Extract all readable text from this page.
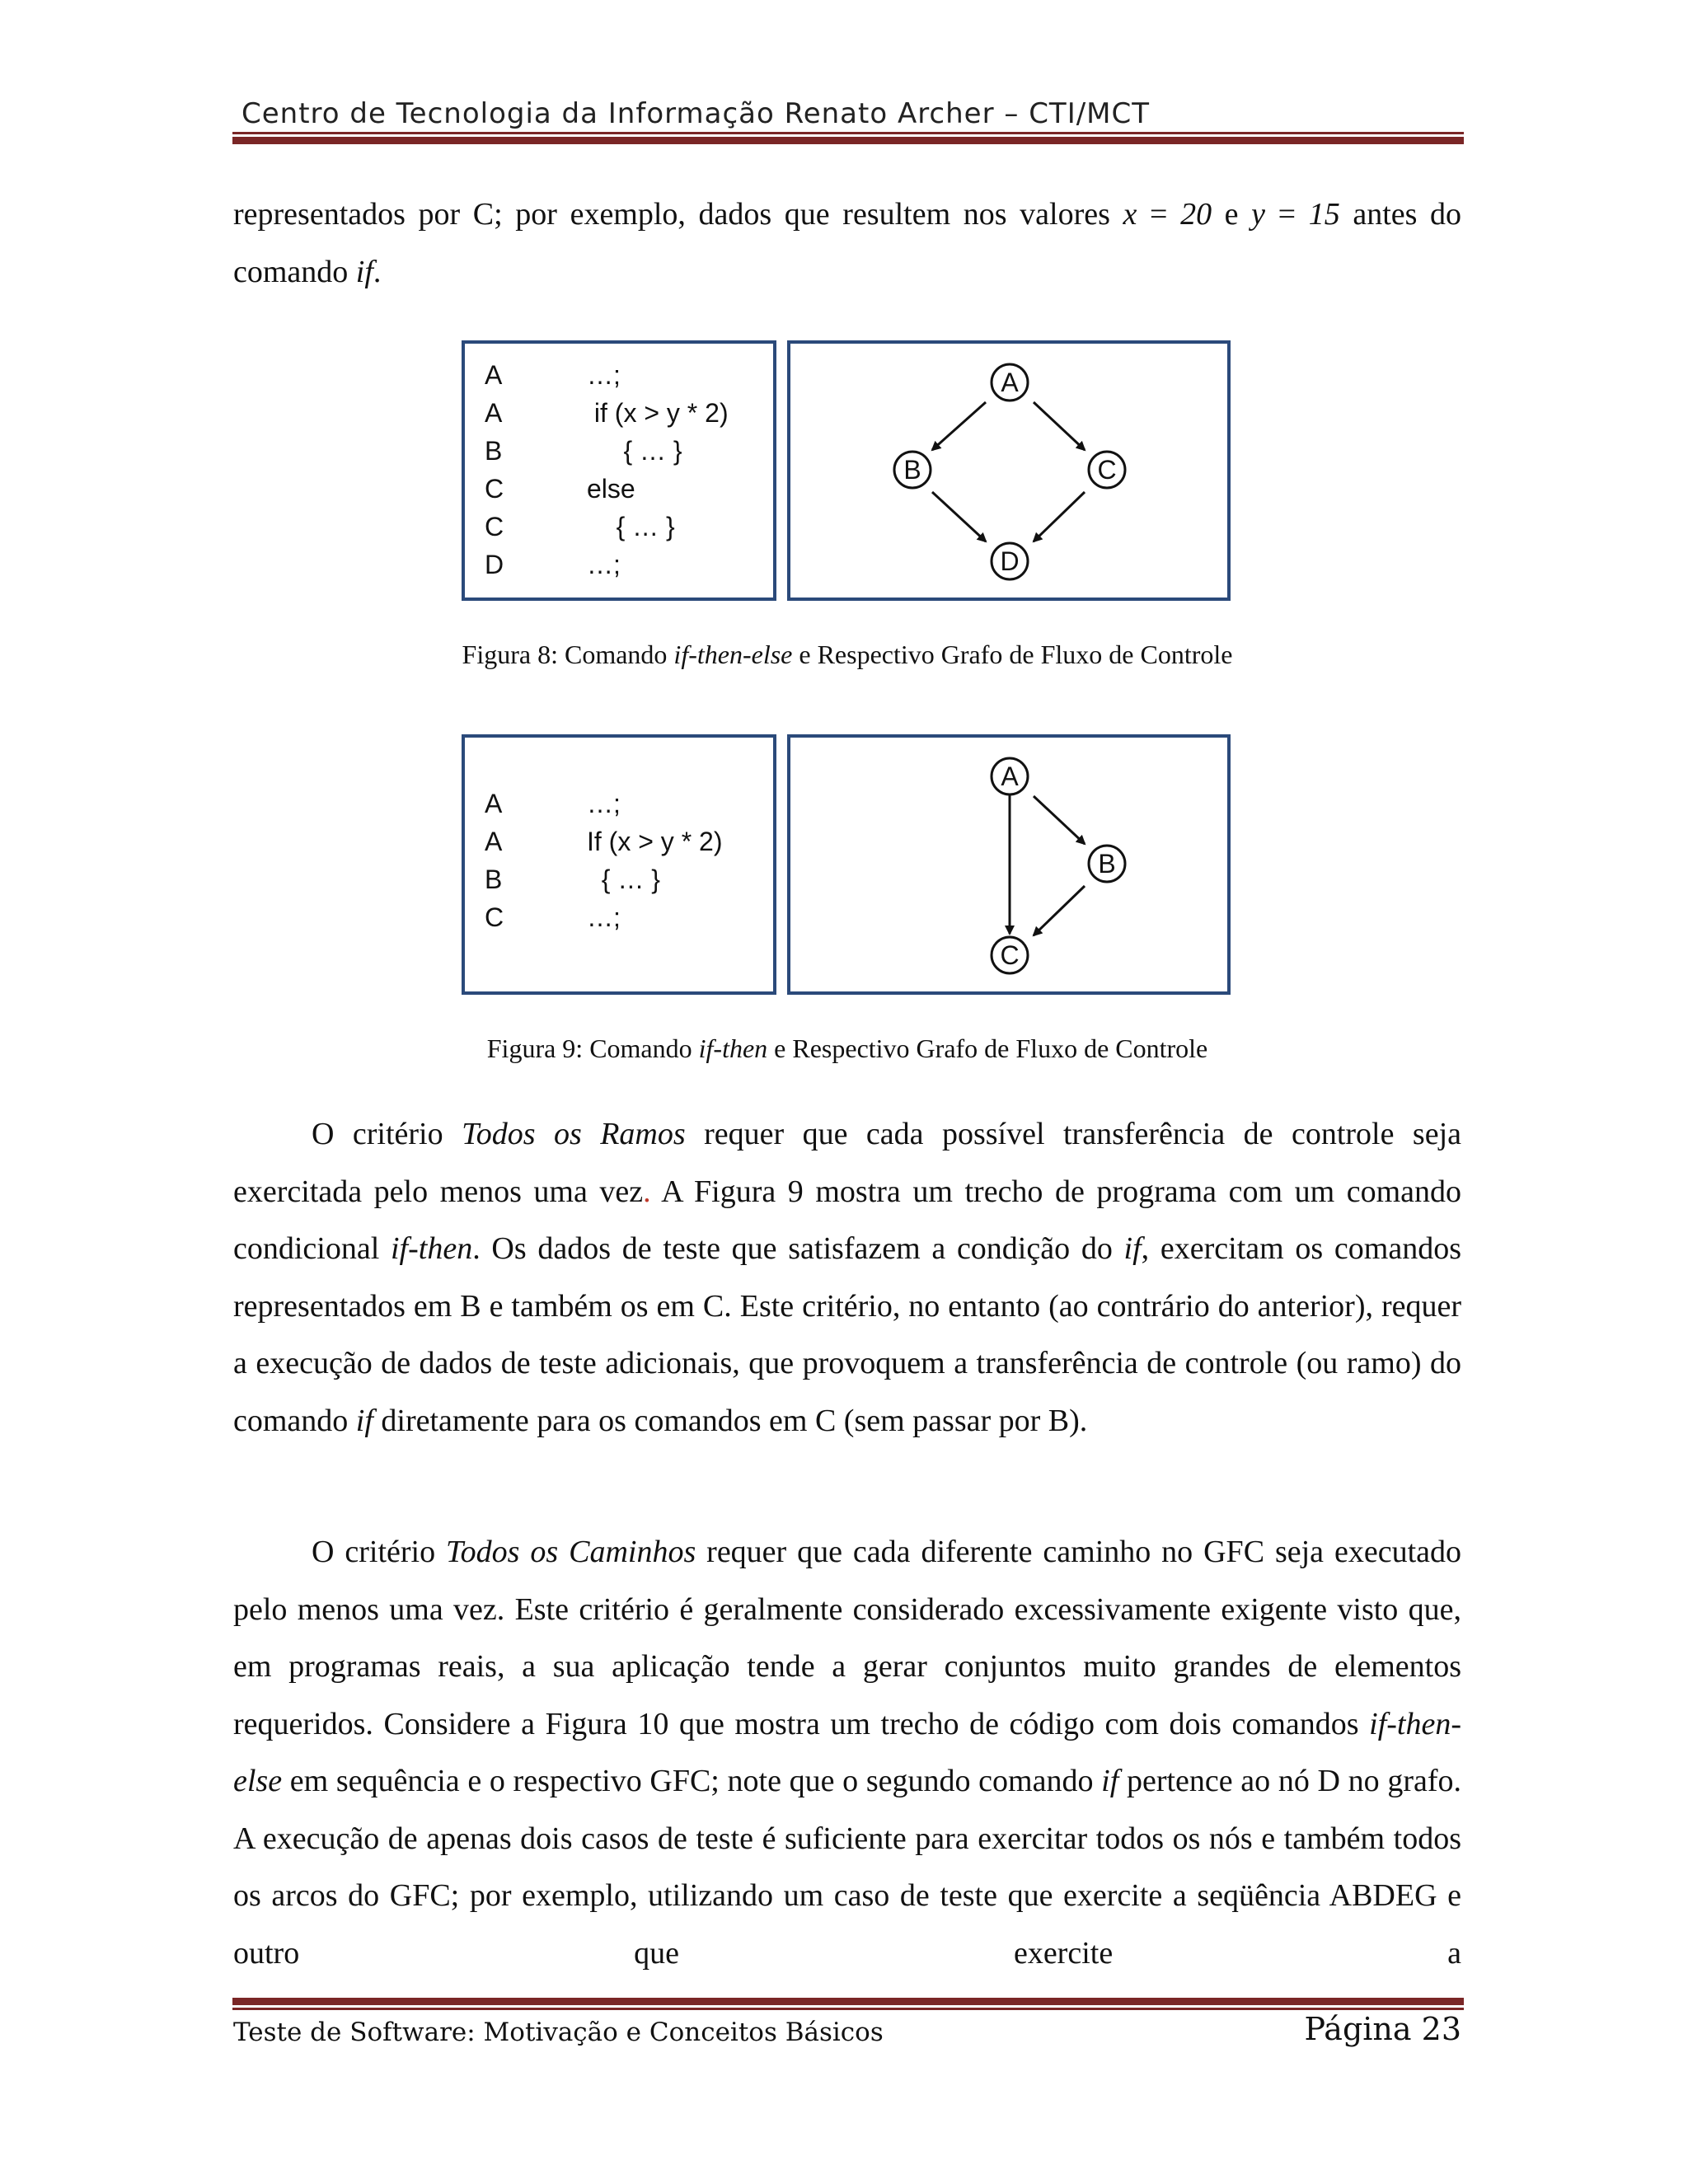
Centro de Tecnologia da Informação Renato Archer – CTI/MCT

representados por C; por exemplo, dados que resultem nos valores x = 20 e y = 15 antes do comando if.

A	…;
A	if (x > y * 2)
B	{ … }
C	else
C	{ … }
D	…;
A
B	C
D
Figura 8: Comando if-then-else e Respectivo Grafo de Fluxo de Controle
A	…;
A	If (x > y * 2)
B	{ … }
C	…;
A
B
C
Figura 9: Comando if-then e Respectivo Grafo de Fluxo de Controle

O critério Todos os Ramos requer que cada possível transferência de controle seja exercitada pelo menos uma vez. A Figura 9 mostra um trecho de programa com um comando condicional if-then. Os dados de teste que satisfazem a condição do if, exercitam os comandos representados em B e também os em C. Este critério, no entanto (ao contrário do anterior), requer a execução de dados de teste adicionais, que provoquem a transferência de controle (ou ramo) do comando if diretamente para os comandos em C (sem passar por B).

O critério Todos os Caminhos requer que cada diferente caminho no GFC seja executado pelo menos uma vez. Este critério é geralmente considerado excessivamente exigente visto que, em programas reais, a sua aplicação tende a gerar conjuntos muito grandes de elementos requeridos. Considere a Figura 10 que mostra um trecho de código com dois comandos if-then-else em sequência e o respectivo GFC; note que o segundo comando if pertence ao nó D no grafo. A execução de apenas dois casos de teste é suficiente para exercitar todos os nós e também todos os arcos do GFC; por exemplo, utilizando um caso de teste que exercite a seqüência ABDEG e outro que exercite a

Teste de Software: Motivação e Conceitos Básicos	Página 23
